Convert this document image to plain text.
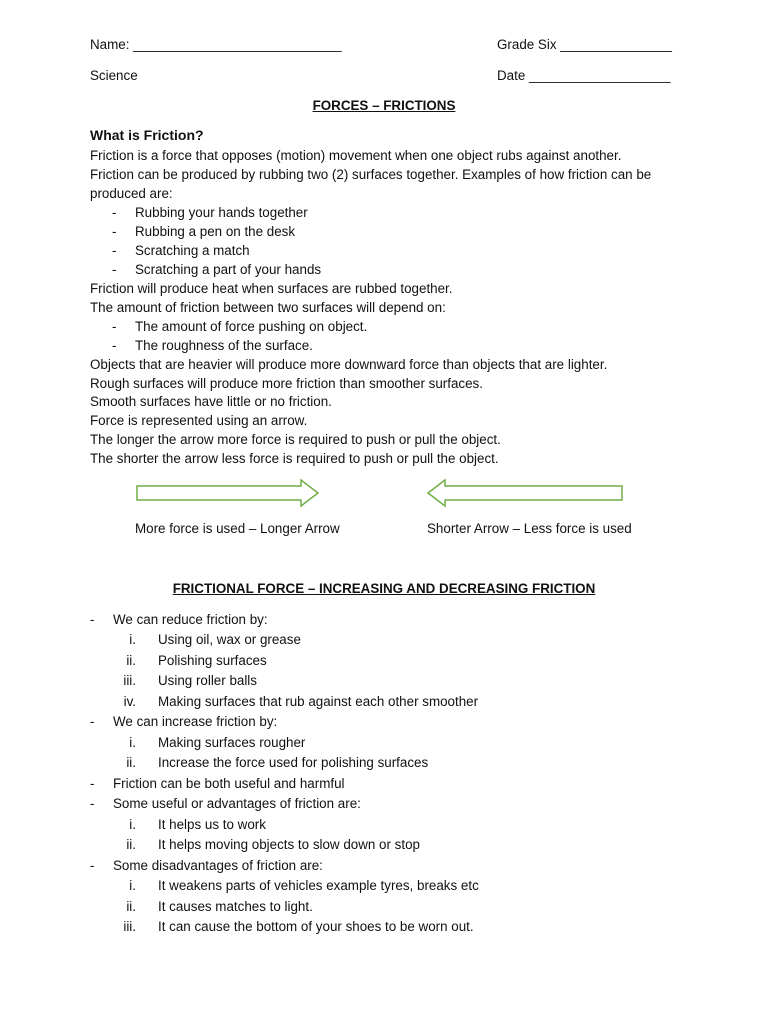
Name: ____________________________	Grade Six _______________
Science	Date ___________________
FORCES – FRICTIONS
What is Friction?
Friction is a force that opposes (motion) movement when one object rubs against another.
Friction can be produced by rubbing two (2) surfaces together. Examples of how friction can be
produced are:
- Rubbing your hands together
- Rubbing a pen on the desk
- Scratching a match
- Scratching a part of your hands
Friction will produce heat when surfaces are rubbed together.
The amount of friction between two surfaces will depend on:
- The amount of force pushing on object.
- The roughness of the surface.
Objects that are heavier will produce more downward force than objects that are lighter.
Rough surfaces will produce more friction than smoother surfaces.
Smooth surfaces have little or no friction.
Force is represented using an arrow.
The longer the arrow more force is required to push or pull the object.
The shorter the arrow less force is required to push or pull the object.
More force is used – Longer Arrow	Shorter Arrow – Less force is used
FRICTIONAL FORCE – INCREASING AND DECREASING FRICTION
- We can reduce friction by:
i. Using oil, wax or grease
ii. Polishing surfaces
iii. Using roller balls
iv. Making surfaces that rub against each other smoother
- We can increase friction by:
i. Making surfaces rougher
ii. Increase the force used for polishing surfaces
- Friction can be both useful and harmful
- Some useful or advantages of friction are:
i. It helps us to work
ii. It helps moving objects to slow down or stop
- Some disadvantages of friction are:
i. It weakens parts of vehicles example tyres, breaks etc
ii. It causes matches to light.
iii. It can cause the bottom of your shoes to be worn out.
